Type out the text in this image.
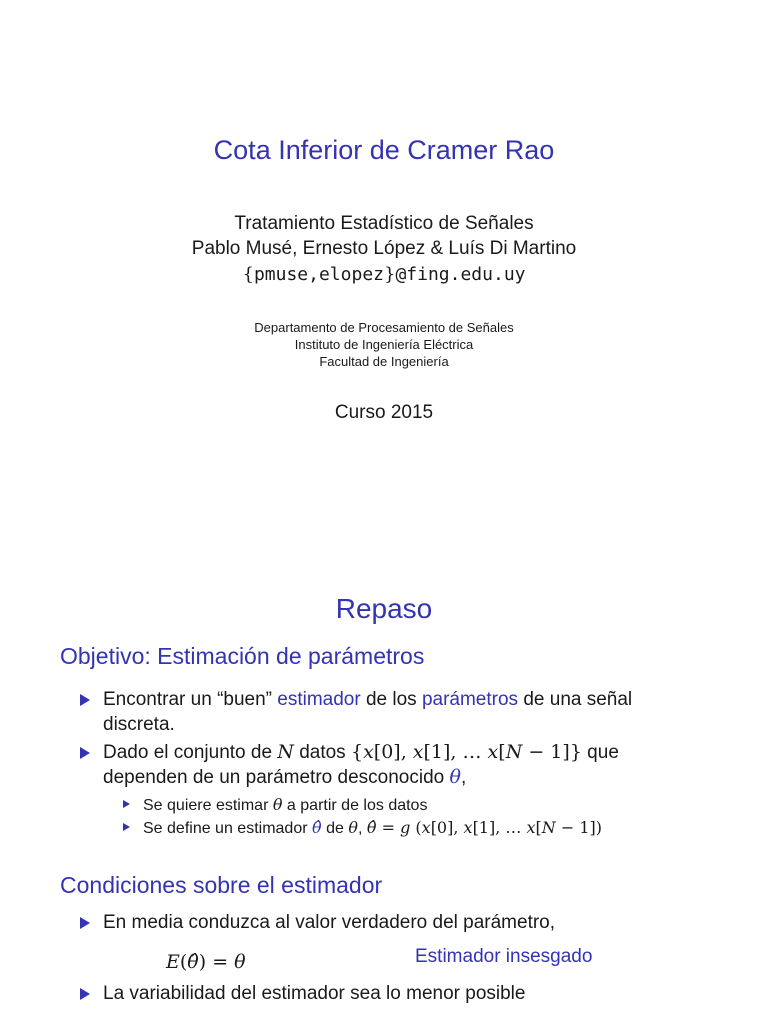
Cota Inferior de Cramer Rao
Tratamiento Estadístico de Señales
Pablo Musé, Ernesto López & Luís Di Martino
{pmuse,elopez}@fing.edu.uy
Departamento de Procesamiento de Señales
Instituto de Ingeniería Eléctrica
Facultad de Ingeniería
Curso 2015
Repaso
Objetivo: Estimación de parámetros
Encontrar un “buen” estimador de los parámetros de una señal
discreta.
Dado el conjunto de N datos {x[0], x[1], … x[N − 1]} que
dependen de un parámetro desconocido θ,
Se quiere estimar θ a partir de los datos
Se define un estimador θ̂ de θ, θ̂ = g (x[0], x[1], … x[N − 1])
Condiciones sobre el estimador
En media conduzca al valor verdadero del parámetro,
E(θ̂) = θ	Estimador insesgado
La variabilidad del estimador sea lo menor posible
